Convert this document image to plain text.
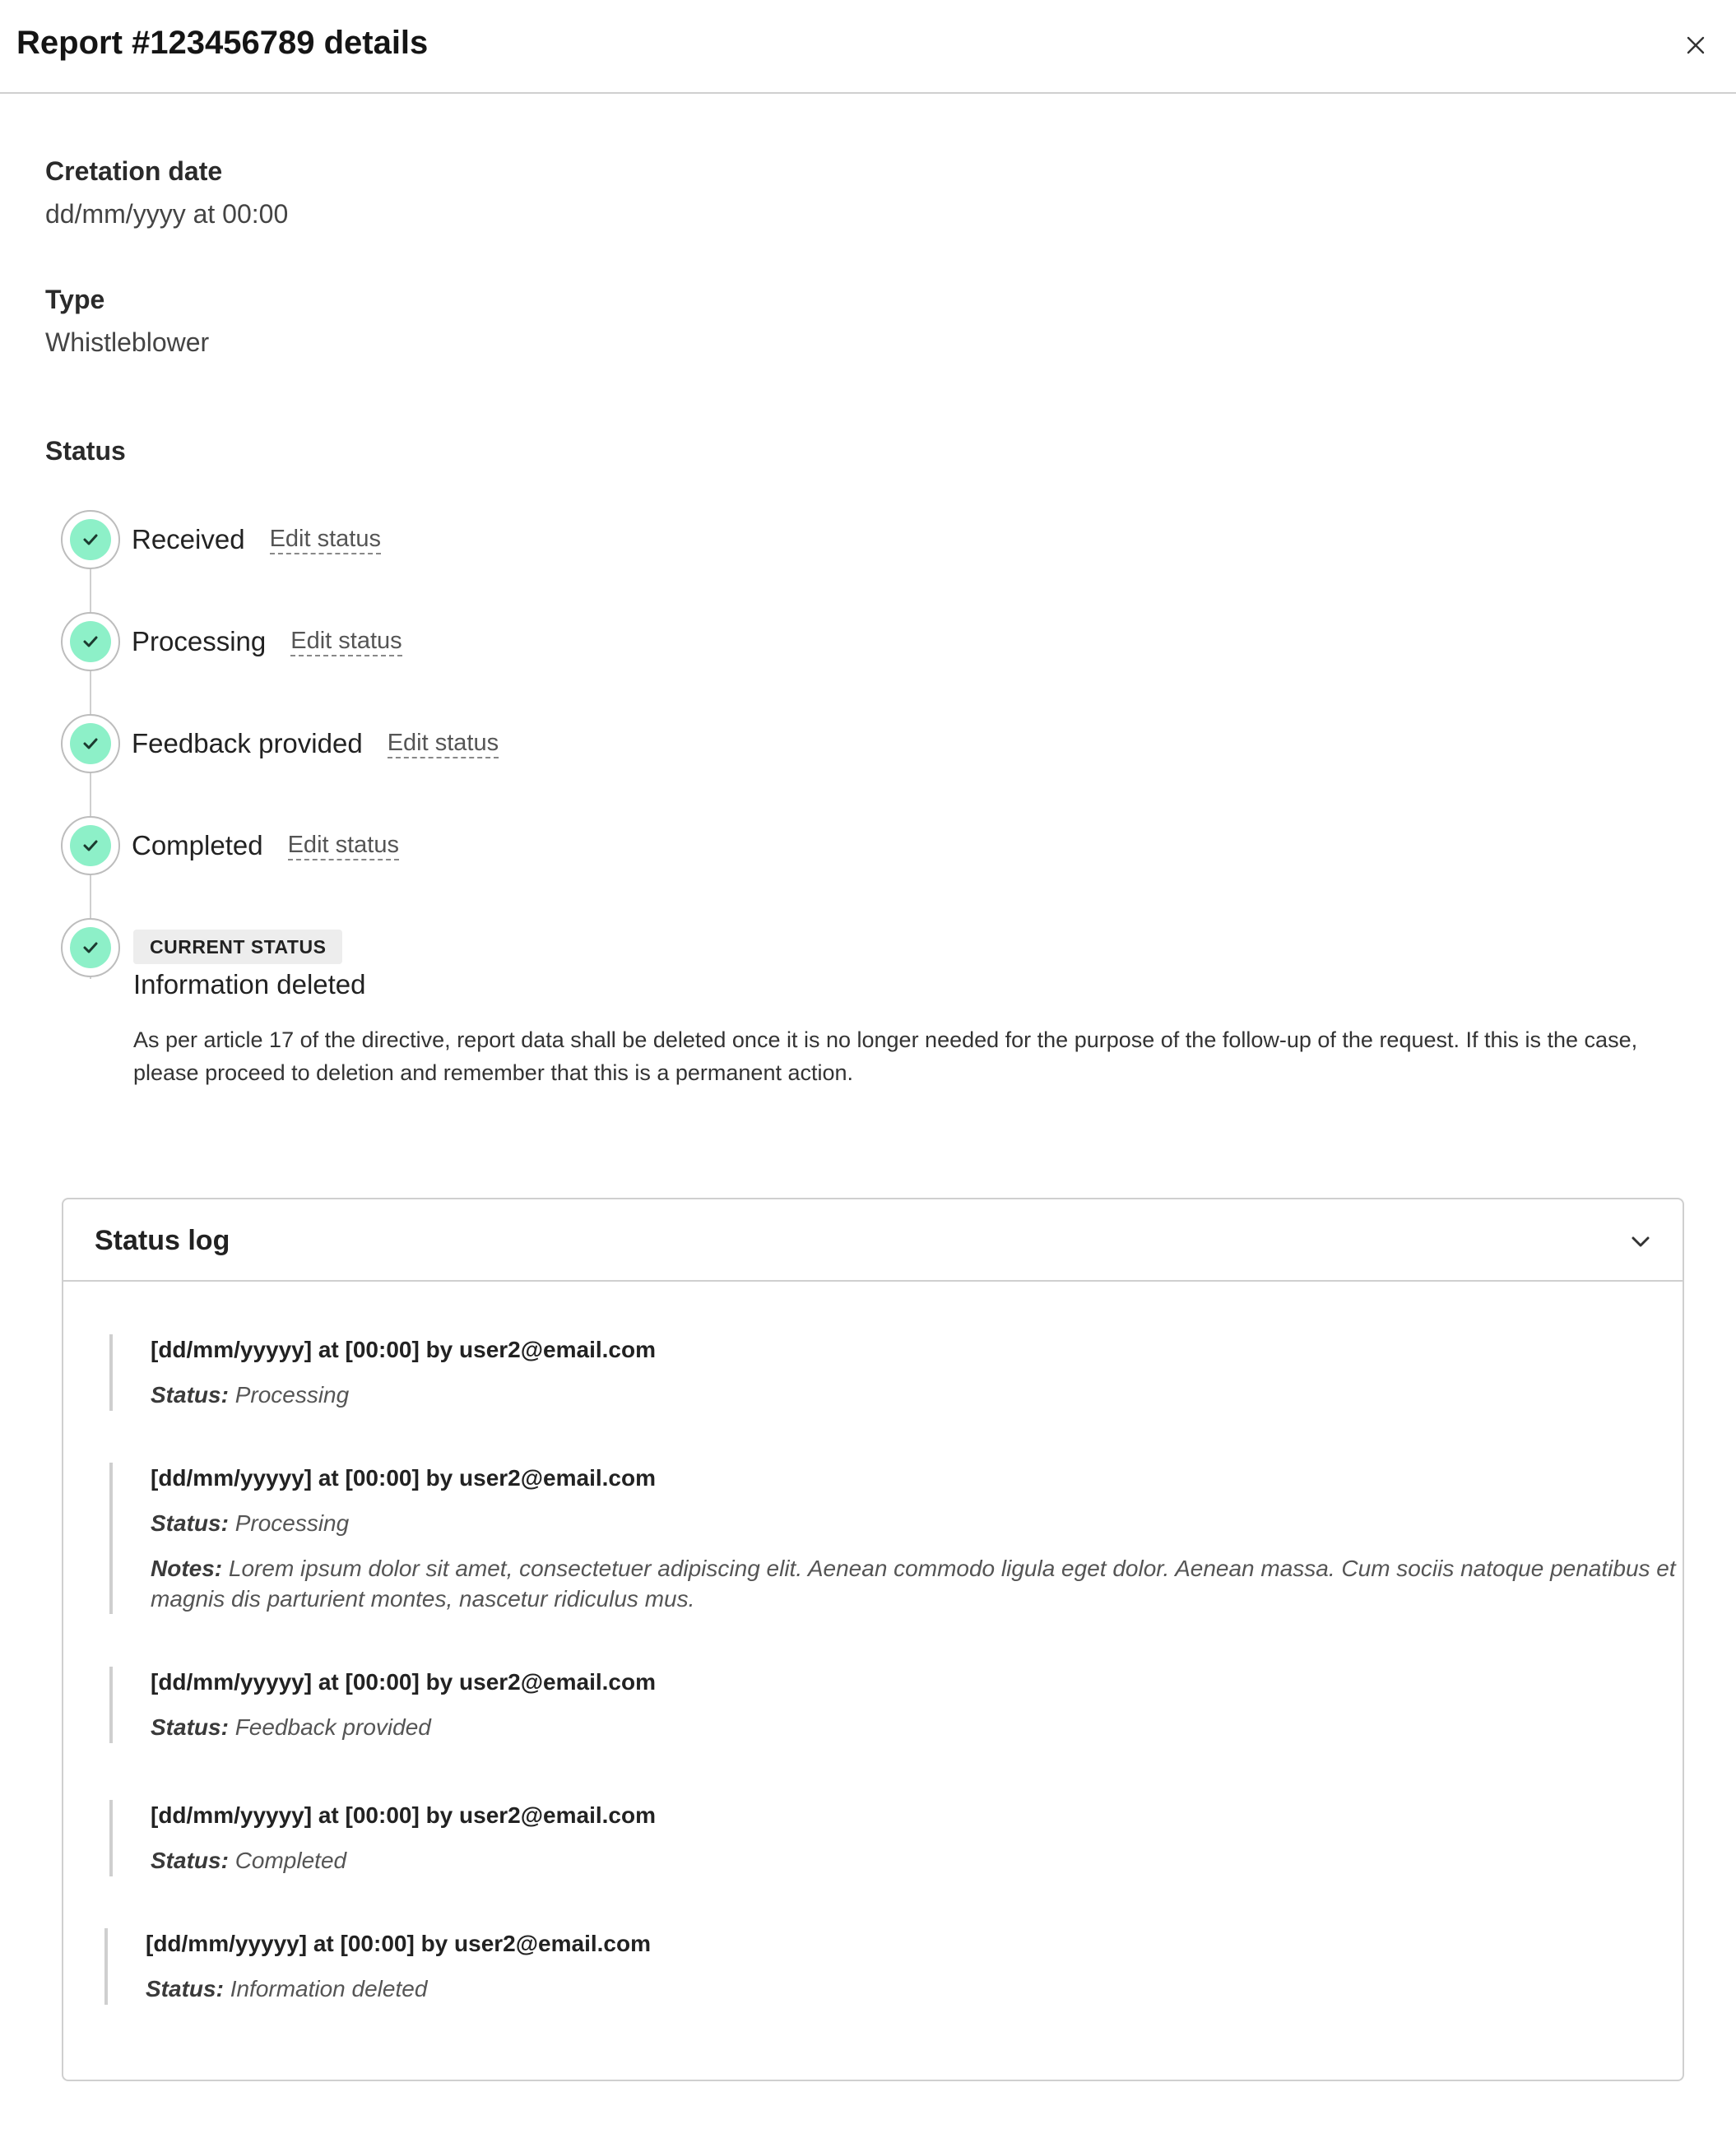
Report #123456789 details
Cretation date
dd/mm/yyyy at 00:00
Type
Whistleblower
Status
Received Edit status
Processing Edit status
Feedback provided Edit status
Completed Edit status
CURRENT STATUS
Information deleted
As per article 17 of the directive, report data shall be deleted once it is no longer needed for the purpose of the follow-up of the request. If this is the case, please proceed to deletion and remember that this is a permanent action.
Status log
[dd/mm/yyyyy] at [00:00] by user2@email.com
Status: Processing
[dd/mm/yyyyy] at [00:00] by user2@email.com
Status: Processing
Notes: Lorem ipsum dolor sit amet, consectetuer adipiscing elit. Aenean commodo ligula eget dolor. Aenean massa. Cum sociis natoque penatibus et magnis dis parturient montes, nascetur ridiculus mus.
[dd/mm/yyyyy] at [00:00] by user2@email.com
Status: Feedback provided
[dd/mm/yyyyy] at [00:00] by user2@email.com
Status: Completed
[dd/mm/yyyyy] at [00:00] by user2@email.com
Status: Information deleted
